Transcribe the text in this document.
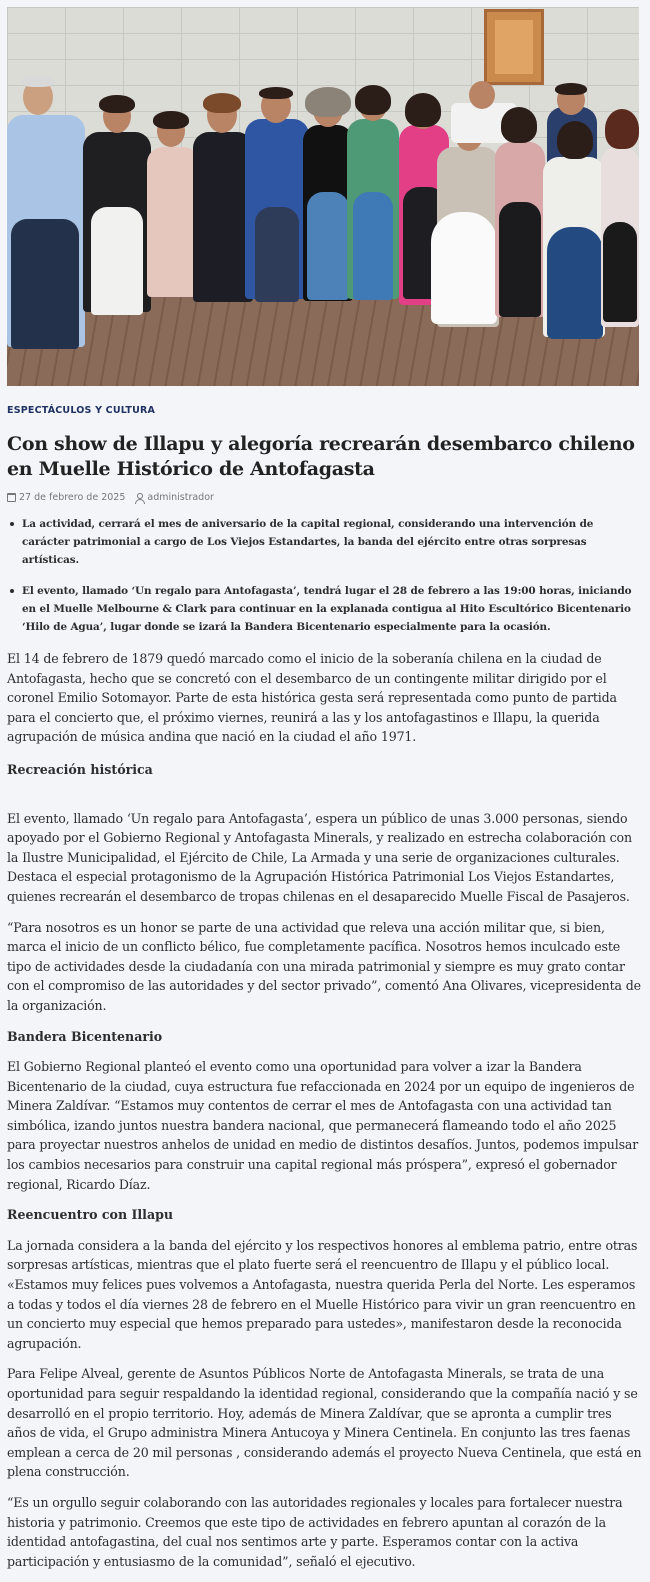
ESPECTÁCULOS Y CULTURA
Con show de Illapu y alegoría recrearán desembarco chileno en Muelle Histórico de Antofagasta
27 de febrero de 2025 administrador
La actividad, cerrará el mes de aniversario de la capital regional, considerando una intervención de carácter patrimonial a cargo de Los Viejos Estandartes, la banda del ejército entre otras sorpresas artísticas.
El evento, llamado ‘Un regalo para Antofagasta’, tendrá lugar el 28 de febrero a las 19:00 horas, iniciando en el Muelle Melbourne & Clark para continuar en la explanada contigua al Hito Escultórico Bicentenario ‘Hilo de Agua’, lugar donde se izará la Bandera Bicentenario especialmente para la ocasión.

El 14 de febrero de 1879 quedó marcado como el inicio de la soberanía chilena en la ciudad de Antofagasta, hecho que se concretó con el desembarco de un contingente militar dirigido por el coronel Emilio Sotomayor. Parte de esta histórica gesta será representada como punto de partida para el concierto que, el próximo viernes, reunirá a las y los antofagastinos e Illapu, la querida agrupación de música andina que nació en la ciudad el año 1971.

Recreación histórica

El evento, llamado ‘Un regalo para Antofagasta’, espera un público de unas 3.000 personas, siendo apoyado por el Gobierno Regional y Antofagasta Minerals, y realizado en estrecha colaboración con la Ilustre Municipalidad, el Ejército de Chile, La Armada y una serie de organizaciones culturales. Destaca el especial protagonismo de la Agrupación Histórica Patrimonial Los Viejos Estandartes, quienes recrearán el desembarco de tropas chilenas en el desaparecido Muelle Fiscal de Pasajeros.

“Para nosotros es un honor se parte de una actividad que releva una acción militar que, si bien, marca el inicio de un conflicto bélico, fue completamente pacífica. Nosotros hemos inculcado este tipo de actividades desde la ciudadanía con una mirada patrimonial y siempre es muy grato contar con el compromiso de las autoridades y del sector privado”, comentó Ana Olivares, vicepresidenta de la organización.

Bandera Bicentenario

El Gobierno Regional planteó el evento como una oportunidad para volver a izar la Bandera Bicentenario de la ciudad, cuya estructura fue refaccionada en 2024 por un equipo de ingenieros de Minera Zaldívar. “Estamos muy contentos de cerrar el mes de Antofagasta con una actividad tan simbólica, izando juntos nuestra bandera nacional, que permanecerá flameando todo el año 2025 para proyectar nuestros anhelos de unidad en medio de distintos desafíos. Juntos, podemos impulsar los cambios necesarios para construir una capital regional más próspera”, expresó el gobernador regional, Ricardo Díaz.

Reencuentro con Illapu

La jornada considera a la banda del ejército y los respectivos honores al emblema patrio, entre otras sorpresas artísticas, mientras que el plato fuerte será el reencuentro de Illapu y el público local. «Estamos muy felices pues volvemos a Antofagasta, nuestra querida Perla del Norte. Les esperamos a todas y todos el día viernes 28 de febrero en el Muelle Histórico para vivir un gran reencuentro en un concierto muy especial que hemos preparado para ustedes», manifestaron desde la reconocida agrupación.

Para Felipe Alveal, gerente de Asuntos Públicos Norte de Antofagasta Minerals, se trata de una oportunidad para seguir respaldando la identidad regional, considerando que la compañía nació y se desarrolló en el propio territorio. Hoy, además de Minera Zaldívar, que se apronta a cumplir tres años de vida, el Grupo administra Minera Antucoya y Minera Centinela. En conjunto las tres faenas emplean a cerca de 20 mil personas , considerando además el proyecto Nueva Centinela, que está en plena construcción.

“Es un orgullo seguir colaborando con las autoridades regionales y locales para fortalecer nuestra historia y patrimonio. Creemos que este tipo de actividades en febrero apuntan al corazón de la identidad antofagastina, del cual nos sentimos arte y parte. Esperamos contar con la activa participación y entusiasmo de la comunidad”, señaló el ejecutivo.
